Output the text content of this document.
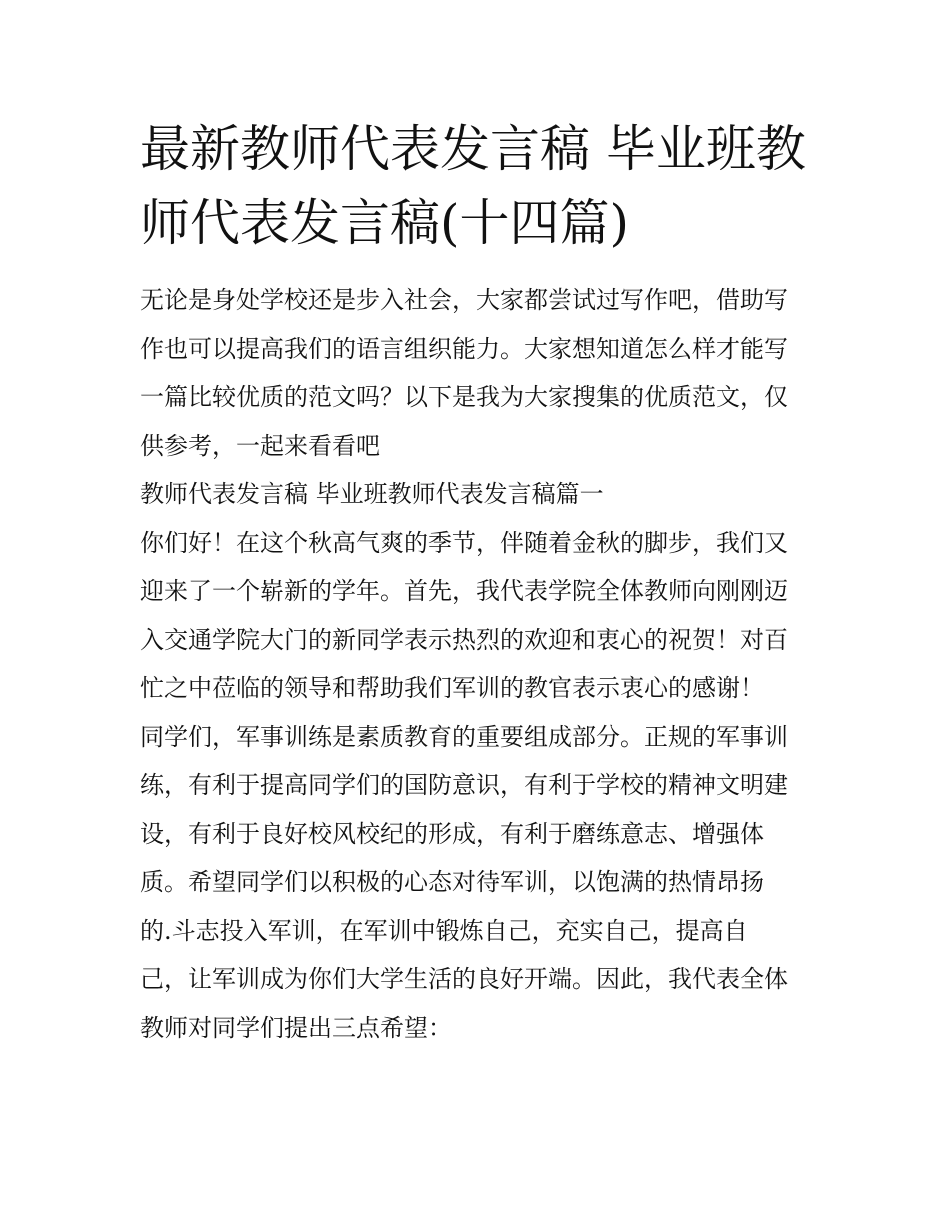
最新教师代表发言稿 毕业班教
师代表发言稿(十四篇)

无论是身处学校还是步入社会，大家都尝试过写作吧，借助写

作也可以提高我们的语言组织能力。大家想知道怎么样才能写

一篇比较优质的范文吗？以下是我为大家搜集的优质范文，仅

供参考，一起来看看吧

教师代表发言稿 毕业班教师代表发言稿篇一

你们好！在这个秋高气爽的季节，伴随着金秋的脚步，我们又

迎来了一个崭新的学年。首先，我代表学院全体教师向刚刚迈

入交通学院大门的新同学表示热烈的欢迎和衷心的祝贺！对百

忙之中莅临的领导和帮助我们军训的教官表示衷心的感谢！

同学们，军事训练是素质教育的重要组成部分。正规的军事训

练，有利于提高同学们的国防意识，有利于学校的精神文明建

设，有利于良好校风校纪的形成，有利于磨练意志、增强体

质。希望同学们以积极的心态对待军训，以饱满的热情昂扬

的.斗志投入军训，在军训中锻炼自己，充实自己，提高自

己，让军训成为你们大学生活的良好开端。因此，我代表全体

教师对同学们提出三点希望：
